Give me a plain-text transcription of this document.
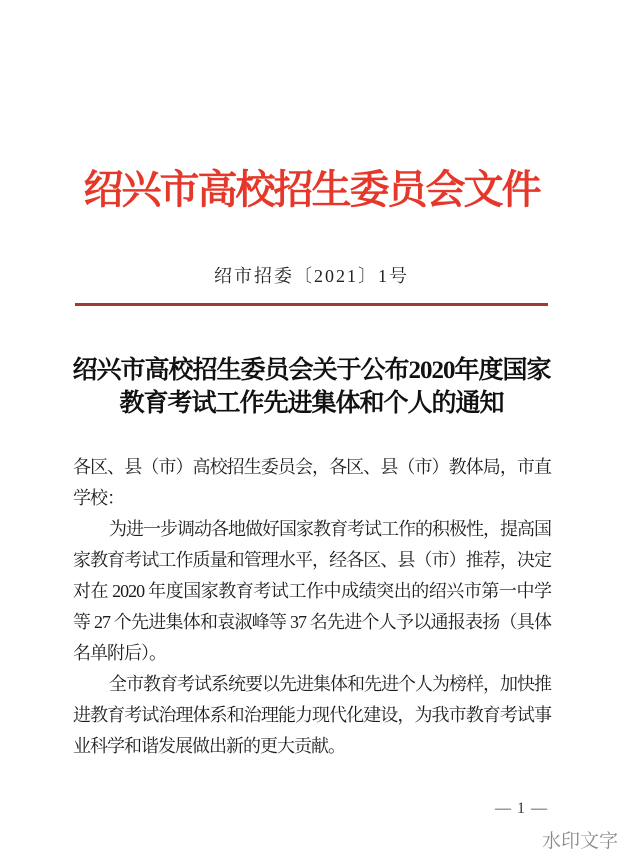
绍兴市高校招生委员会文件
绍市招委〔2021〕1号
绍兴市高校招生委员会关于公布2020年度国家
教育考试工作先进集体和个人的通知

各区、县（市）高校招生委员会，各区、县（市）教体局，市直学校：

为进一步调动各地做好国家教育考试工作的积极性，提高国家教育考试工作质量和管理水平，经各区、县（市）推荐，决定对在 2020 年度国家教育考试工作中成绩突出的绍兴市第一中学等 27 个先进集体和袁淑峰等 37 名先进个人予以通报表扬（具体名单附后）。

全市教育考试系统要以先进集体和先进个人为榜样，加快推进教育考试治理体系和治理能力现代化建设，为我市教育考试事业科学和谐发展做出新的更大贡献。

— 1 —
水印文字
